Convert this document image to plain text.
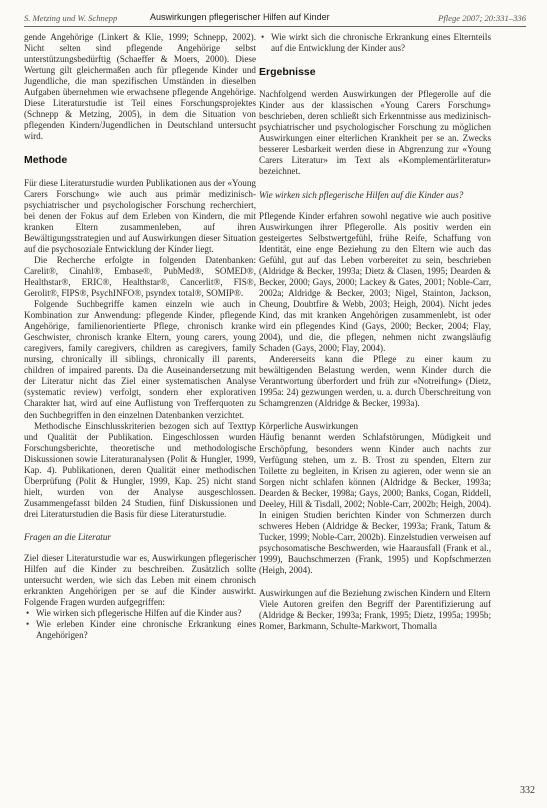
S. Metzing und W. Schnepp	Auswirkungen pflegerischer Hilfen auf Kinder	Pflege 2007; 20:331–336

gende Angehörige (Linkert & Klie, 1999; Schnepp, 2002). Nicht selten sind pflegende Angehörige selbst unterstützungsbedürftig (Schaeffer & Moers, 2000). Diese Wertung gilt gleichermaßen auch für pflegende Kinder und Jugendliche, die man spezifischen Umständen in dieselben Aufgaben übernehmen wie erwachsene pflegende Angehörige. Diese Literaturstudie ist Teil eines Forschungsprojektes (Schnepp & Metzing, 2005), in dem die Situation von pflegenden Kindern/Jugendlichen in Deutschland untersucht wird.

Methode

Für diese Literaturstudie wurden Publikationen aus der «Young Carers Forschung» wie auch aus primär medizinisch-psychiatrischer und psychologischer Forschung recherchiert, bei denen der Fokus auf dem Erleben von Kindern, die mit kranken Eltern zusammenleben, auf ihren Bewältigungsstrategien und auf Auswirkungen dieser Situation auf die psychosoziale Entwicklung der Kinder liegt.

Die Recherche erfolgte in folgenden Datenbanken: Carelit®, Cinahl®, Embase®, PubMed®, SOMED®, Healthstar®, ERIC®, Healthstar®, Cancerlit®, FIS®, Gerolit®, FIPS®, PsychINFO®, psyndex total®, SOMIP®.

Folgende Suchbegriffe kamen einzeln wie auch in Kombination zur Anwendung: pflegende Kinder, pflegende Angehörige, familienorientierte Pflege, chronisch kranke Geschwister, chronisch kranke Eltern, young carers, young caregivers, family caregivers, children as caregivers, family nursing, chronically ill siblings, chronically ill parents, children of impaired parents. Da die Auseinandersetzung mit der Literatur nicht das Ziel einer systematischen Analyse (systematic review) verfolgt, sondern eher explorativen Charakter hat, wird auf eine Auflistung von Trefferquoten zu den Suchbegriffen in den einzelnen Datenbanken verzichtet.

Methodische Einschlusskriterien bezogen sich auf Texttyp und Qualität der Publikation. Eingeschlossen wurden Forschungsberichte, theoretische und methodologische Diskussionen sowie Literaturanalysen (Polit & Hungler, 1999, Kap. 4). Publikationen, deren Qualität einer methodischen Überprüfung (Polit & Hungler, 1999, Kap. 25) nicht stand hielt, wurden von der Analyse ausgeschlossen. Zusammengefasst bilden 24 Studien, fünf Diskussionen und drei Literaturstudien die Basis für diese Literaturstudie.

Fragen an die Literatur

Ziel dieser Literaturstudie war es, Auswirkungen pflegerischer Hilfen auf die Kinder zu beschreiben. Zusätzlich sollte untersucht werden, wie sich das Leben mit einem chronisch erkrankten Angehörigen per se auf die Kinder auswirkt. Folgende Fragen wurden aufgegriffen:

• Wie wirken sich pflegerische Hilfen auf die Kinder aus?
• Wie erleben Kinder eine chronische Erkrankung eines Angehörigen?
• Wie wirkt sich die chronische Erkrankung eines Elternteils auf die Entwicklung der Kinder aus?
Ergebnisse

Nachfolgend werden Auswirkungen der Pflegerolle auf die Kinder aus der klassischen «Young Carers Forschung» beschrieben, deren schließt sich Erkenntnisse aus medizinisch-psychiatrischer und psychologischer Forschung zu möglichen Auswirkungen einer elterlichen Krankheit per se an. Zwecks besserer Lesbarkeit werden diese in Abgrenzung zur «Young Carers Literatur» im Text als «Komplementärliteratur» bezeichnet.

Wie wirken sich pflegerische Hilfen auf die Kinder aus?

Pflegende Kinder erfahren sowohl negative wie auch positive Auswirkungen ihrer Pflegerolle. Als positiv werden ein gesteigertes Selbstwertgefühl, frühe Reife, Schaffung von Identität, eine enge Beziehung zu den Eltern wie auch das Gefühl, gut auf das Leben vorbereitet zu sein, beschrieben (Aldridge & Becker, 1993a; Dietz & Clasen, 1995; Dearden & Becker, 2000; Gays, 2000; Lackey & Gates, 2001; Noble-Carr, 2002a; Aldridge & Becker, 2003; Nigel, Stainton, Jackson, Cheung, Doubtfire & Webb, 2003; Heigh, 2004). Nicht jedes Kind, das mit kranken Angehörigen zusammenlebt, ist oder wird ein pflegendes Kind (Gays, 2000; Becker, 2004; Flay, 2004), und die, die pflegen, nehmen nicht zwangsläufig Schaden (Gays, 2000; Flay, 2004).

Andererseits kann die Pflege zu einer kaum zu bewältigenden Belastung werden, wenn Kinder durch die Verantwortung überfordert und früh zur «Notreifung» (Dietz, 1995a: 24) gezwungen werden, u. a. durch Überschreitung von Schamgrenzen (Aldridge & Becker, 1993a).

Körperliche Auswirkungen

Häufig benannt werden Schlafstörungen, Müdigkeit und Erschöpfung, besonders wenn Kinder auch nachts zur Verfügung stehen, um z. B. Trost zu spenden, Eltern zur Toilette zu begleiten, in Krisen zu agieren, oder wenn sie an Sorgen nicht schlafen können (Aldridge & Becker, 1993a; Dearden & Becker, 1998a; Gays, 2000; Banks, Cogan, Riddell, Deeley, Hill & Tisdall, 2002; Noble-Carr, 2002b; Heigh, 2004). In einigen Studien berichten Kinder von Schmerzen durch schweres Heben (Aldridge & Becker, 1993a; Frank, Tatum & Tucker, 1999; Noble-Carr, 2002b). Einzelstudien verweisen auf psychosomatische Beschwerden, wie Haarausfall (Frank et al., 1999), Bauchschmerzen (Frank, 1995) und Kopfschmerzen (Heigh, 2004).

Auswirkungen auf die Beziehung zwischen Kindern und Eltern

Viele Autoren greifen den Begriff der Parentifizierung auf (Aldridge & Becker, 1993a; Frank, 1995; Dietz, 1995a; 1995b; Romer, Barkmann, Schulte-Markwort, Thomalla

332
